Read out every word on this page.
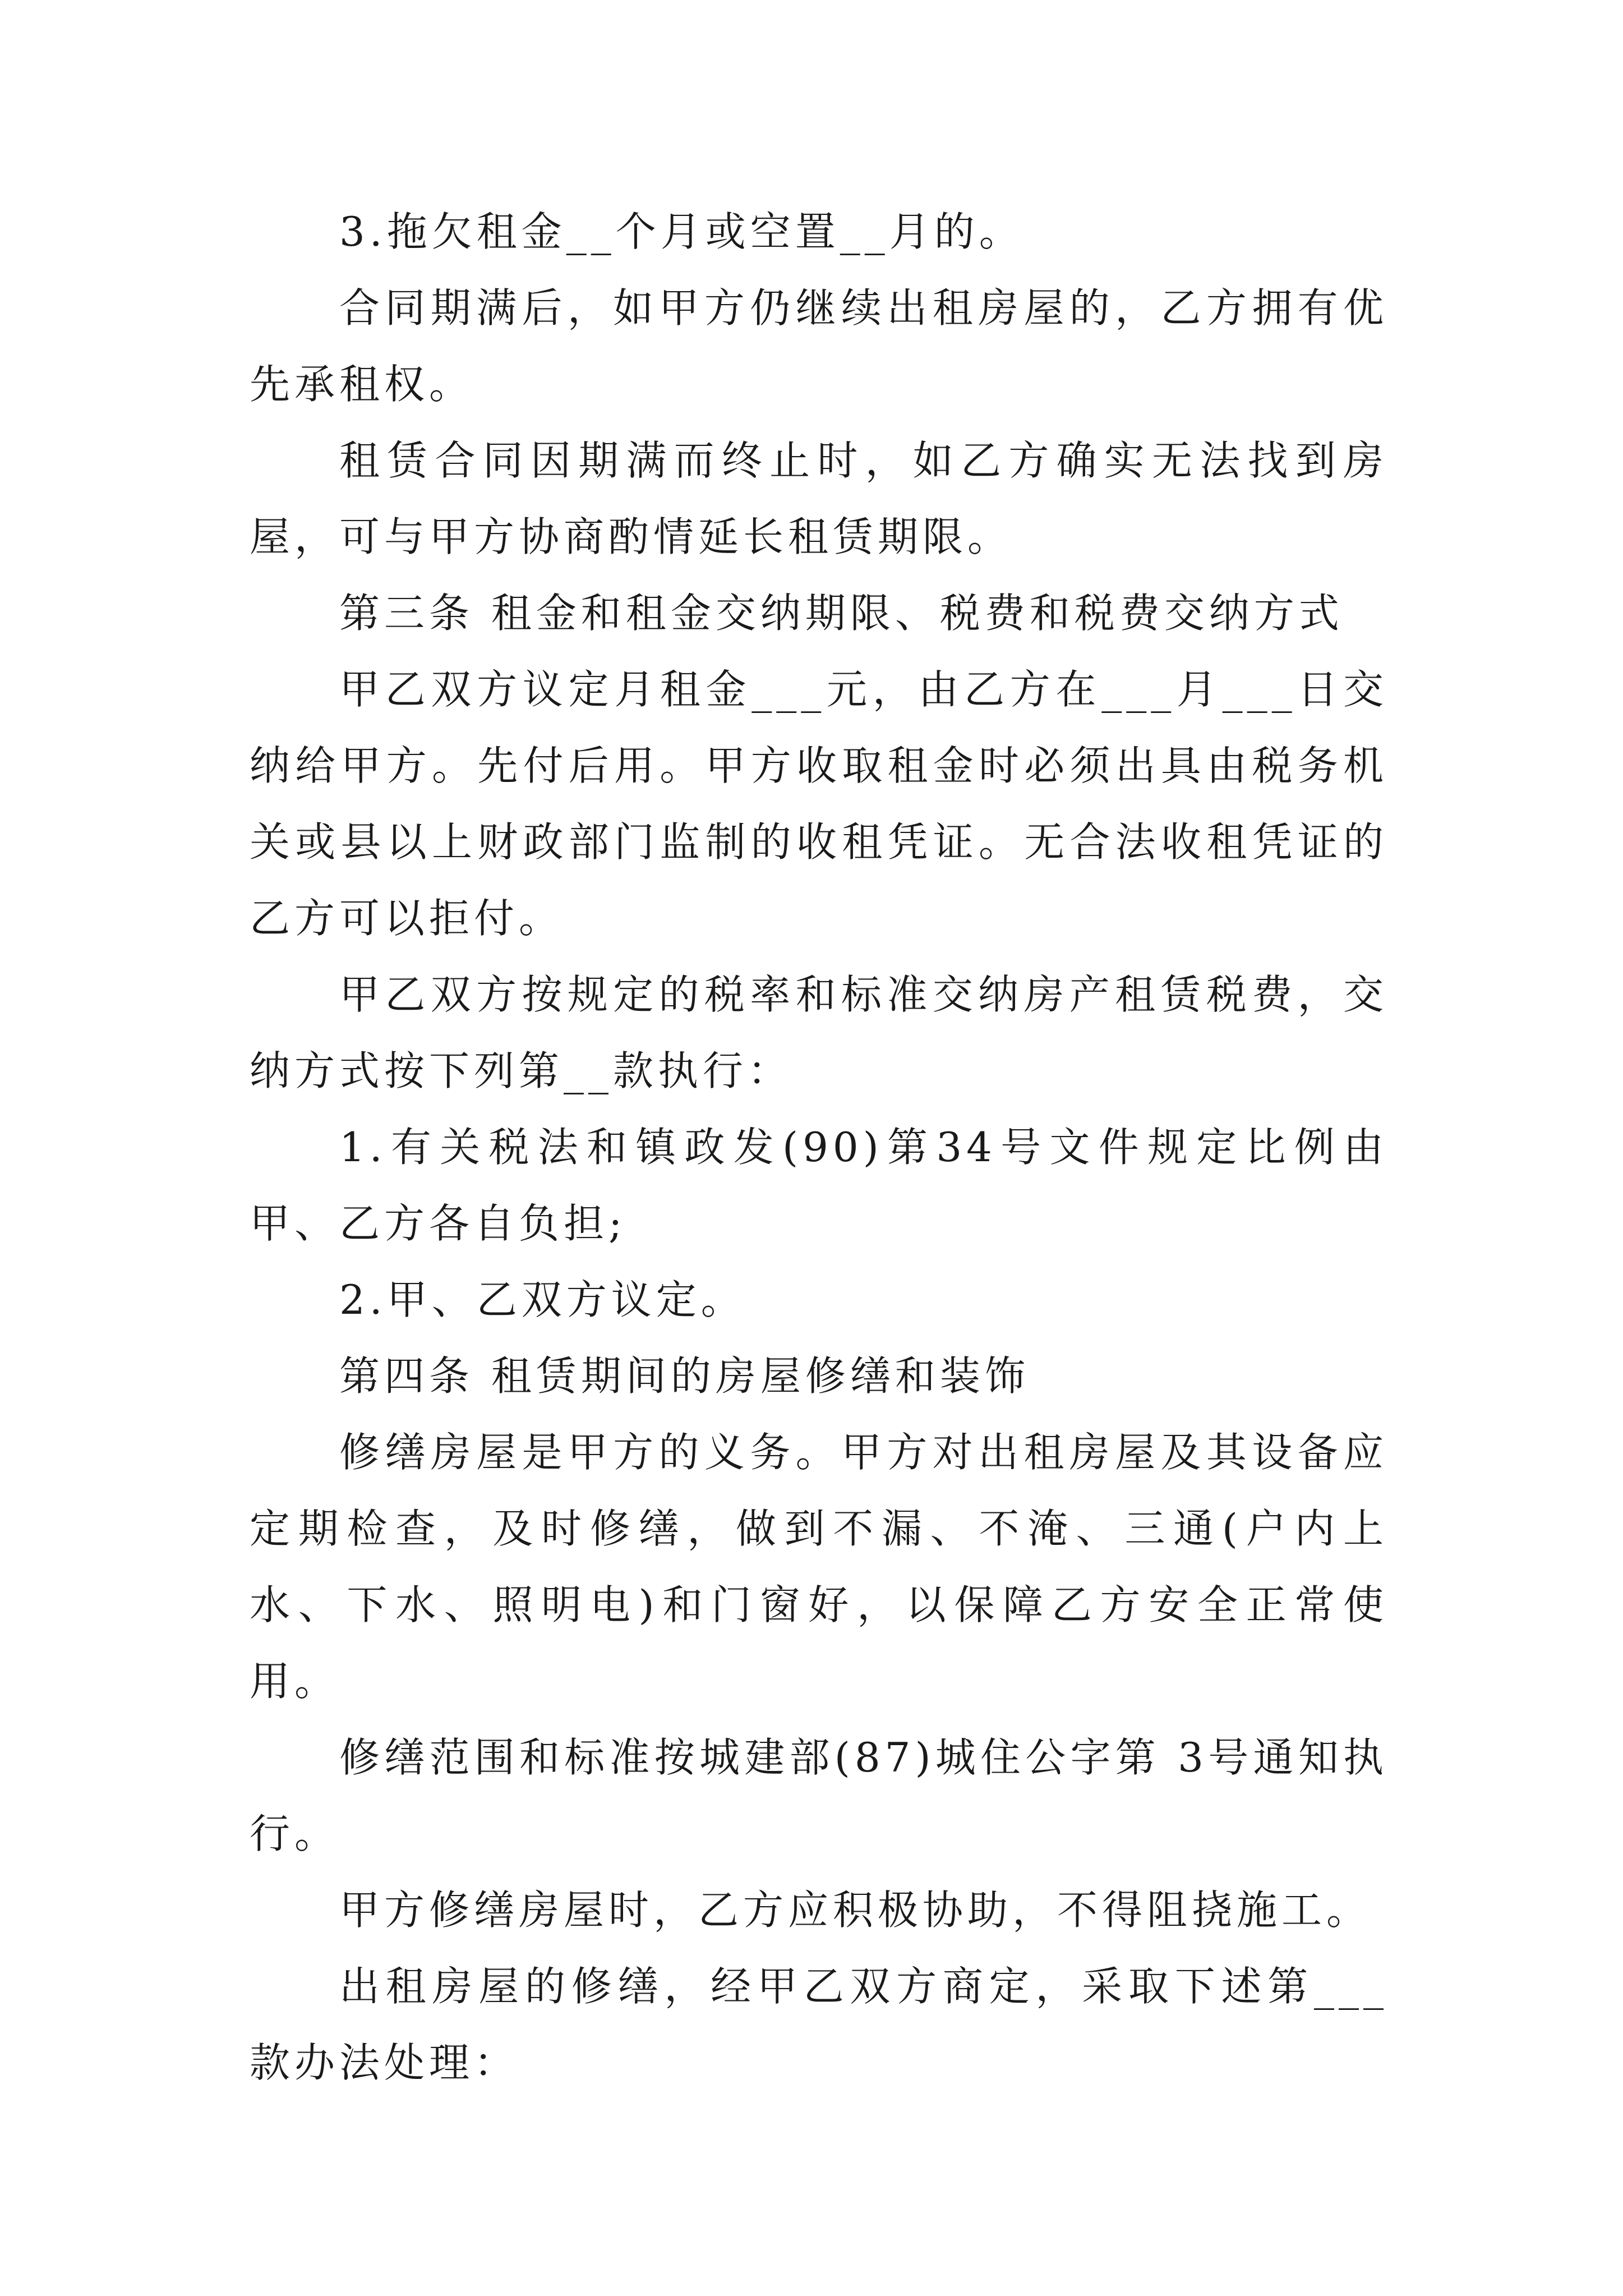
3.拖欠租金__个月或空置__月的。

合同期满后，如甲方仍继续出租房屋的，乙方拥有优先承租权。

租赁合同因期满而终止时，如乙方确实无法找到房屋，可与甲方协商酌情延长租赁期限。

第三条 租金和租金交纳期限、税费和税费交纳方式

甲乙双方议定月租金___元，由乙方在___月___日交纳给甲方。先付后用。甲方收取租金时必须出具由税务机关或县以上财政部门监制的收租凭证。无合法收租凭证的乙方可以拒付。

甲乙双方按规定的税率和标准交纳房产租赁税费，交纳方式按下列第__款执行：

1.有关税法和镇政发(90)第34号文件规定比例由甲、乙方各自负担;

2.甲、乙双方议定。

第四条 租赁期间的房屋修缮和装饰

修缮房屋是甲方的义务。甲方对出租房屋及其设备应定期检查，及时修缮，做到不漏、不淹、三通(户内上水、下水、照明电)和门窗好，以保障乙方安全正常使用。

修缮范围和标准按城建部(87)城住公字第 3号通知执行。

甲方修缮房屋时，乙方应积极协助，不得阻挠施工。

出租房屋的修缮，经甲乙双方商定，采取下述第___款办法处理：
